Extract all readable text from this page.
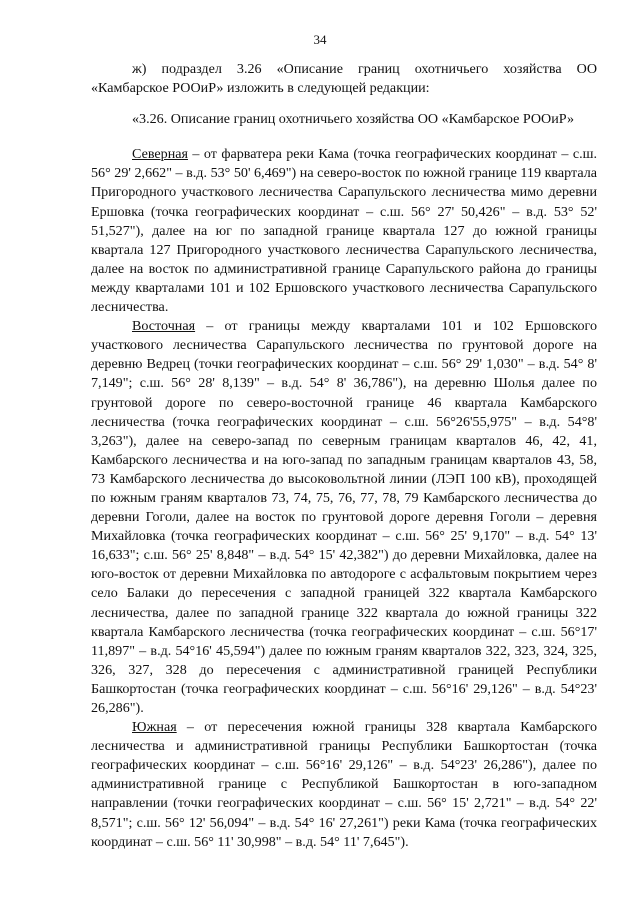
34

ж) подраздел 3.26 «Описание границ охотничьего хозяйства ОО «Камбарское РООиР» изложить в следующей редакции:

«3.26. Описание границ охотничьего хозяйства ОО «Камбарское РООиР»

Северная – от фарватера реки Кама (точка географических координат – с.ш. 56° 29' 2,662" – в.д. 53° 50' 6,469") на северо-восток по южной границе 119 квартала Пригородного участкового лесничества Сарапульского лесничества мимо деревни Ершовка (точка географических координат – с.ш. 56° 27' 50,426" – в.д. 53° 52' 51,527"), далее на юг по западной границе квартала 127 до южной границы квартала 127 Пригородного участкового лесничества Сарапульского лесничества, далее на восток по административной границе Сарапульского района до границы между кварталами 101 и 102 Ершовского участкового лесничества Сарапульского лесничества.

Восточная – от границы между кварталами 101 и 102 Ершовского участкового лесничества Сарапульского лесничества по грунтовой дороге на деревню Ведрец (точки географических координат – с.ш. 56° 29' 1,030" – в.д. 54° 8' 7,149"; с.ш. 56° 28' 8,139" – в.д. 54° 8' 36,786"), на деревню Шолья далее по грунтовой дороге по северо-восточной границе 46 квартала Камбарского лесничества (точка географических координат – с.ш. 56°26'55,975" – в.д. 54°8' 3,263"), далее на северо-запад по северным границам кварталов 46, 42, 41, Камбарского лесничества и на юго-запад по западным границам кварталов 43, 58, 73 Камбарского лесничества до высоковольтной линии (ЛЭП 100 кВ), проходящей по южным граням кварталов 73, 74, 75, 76, 77, 78, 79 Камбарского лесничества до деревни Гоголи, далее на восток по грунтовой дороге деревня Гоголи – деревня Михайловка (точка географических координат – с.ш. 56° 25' 9,170" – в.д. 54° 13' 16,633"; с.ш. 56° 25' 8,848" – в.д. 54° 15' 42,382") до деревни Михайловка, далее на юго-восток от деревни Михайловка по автодороге с асфальтовым покрытием через село Балаки до пересечения с западной границей 322 квартала Камбарского лесничества, далее по западной границе 322 квартала до южной границы 322 квартала Камбарского лесничества (точка географических координат – с.ш. 56°17' 11,897" – в.д. 54°16' 45,594") далее по южным граням кварталов 322, 323, 324, 325, 326, 327, 328 до пересечения с административной границей Республики Башкортостан (точка географических координат – с.ш. 56°16' 29,126" – в.д. 54°23' 26,286").

Южная – от пересечения южной границы 328 квартала Камбарского лесничества и административной границы Республики Башкортостан (точка географических координат – с.ш. 56°16' 29,126" – в.д. 54°23' 26,286"), далее по административной границе с Республикой Башкортостан в юго-западном направлении (точки географических координат – с.ш. 56° 15' 2,721" – в.д. 54° 22' 8,571"; с.ш. 56° 12' 56,094" – в.д. 54° 16' 27,261") реки Кама (точка географических координат – с.ш. 56° 11' 30,998" – в.д. 54° 11' 7,645").
